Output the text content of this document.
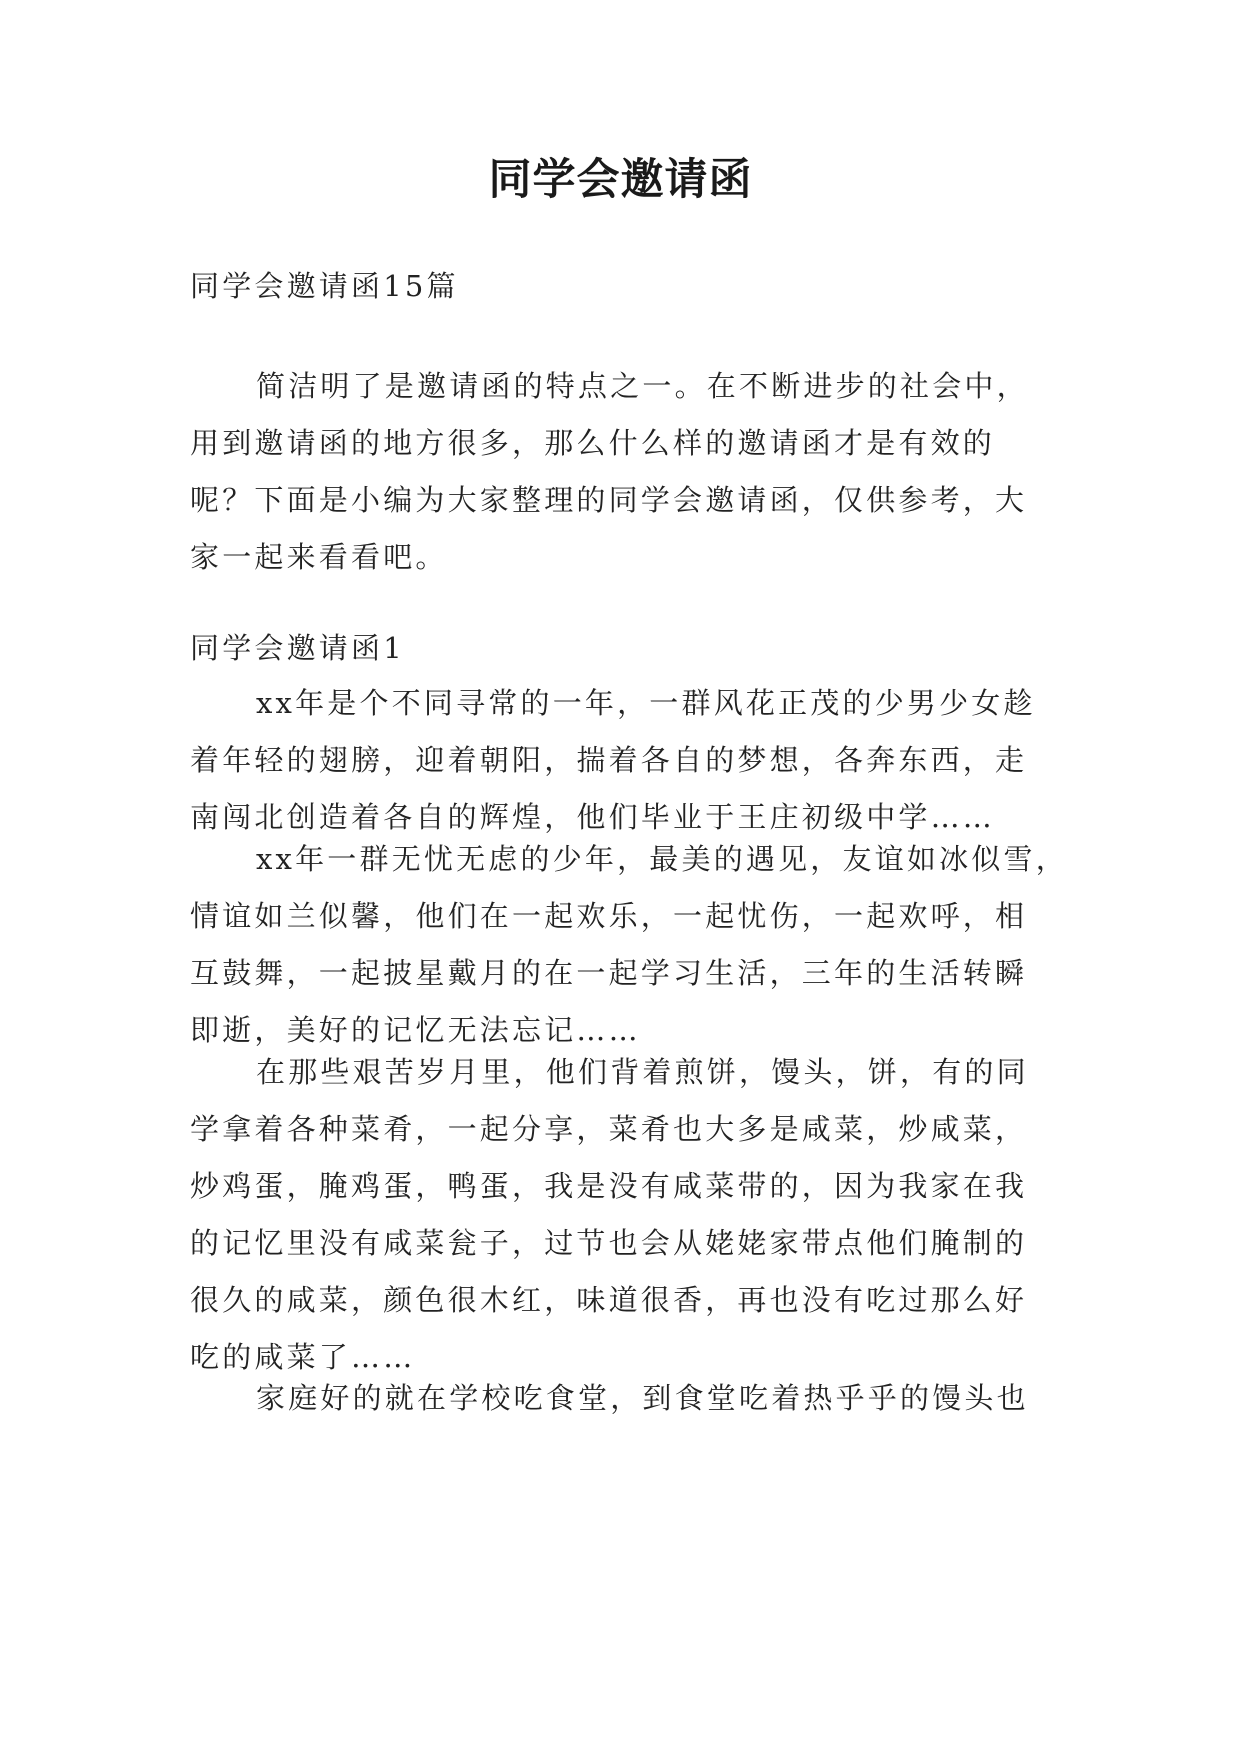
同学会邀请函

同学会邀请函15篇

简洁明了是邀请函的特点之一。在不断进步的社会中，
用到邀请函的地方很多，那么什么样的邀请函才是有效的
呢？下面是小编为大家整理的同学会邀请函，仅供参考，大
家一起来看看吧。

同学会邀请函1

xx年是个不同寻常的一年，一群风花正茂的少男少女趁
着年轻的翅膀，迎着朝阳，揣着各自的梦想，各奔东西，走
南闯北创造着各自的辉煌，他们毕业于王庄初级中学……

xx年一群无忧无虑的少年，最美的遇见，友谊如冰似雪，
情谊如兰似馨，他们在一起欢乐，一起忧伤，一起欢呼，相
互鼓舞，一起披星戴月的在一起学习生活，三年的生活转瞬
即逝，美好的记忆无法忘记……

在那些艰苦岁月里，他们背着煎饼，馒头，饼，有的同
学拿着各种菜肴，一起分享，菜肴也大多是咸菜，炒咸菜，
炒鸡蛋，腌鸡蛋，鸭蛋，我是没有咸菜带的，因为我家在我
的记忆里没有咸菜瓮子，过节也会从姥姥家带点他们腌制的
很久的咸菜，颜色很木红，味道很香，再也没有吃过那么好
吃的咸菜了……

家庭好的就在学校吃食堂，到食堂吃着热乎乎的馒头也
